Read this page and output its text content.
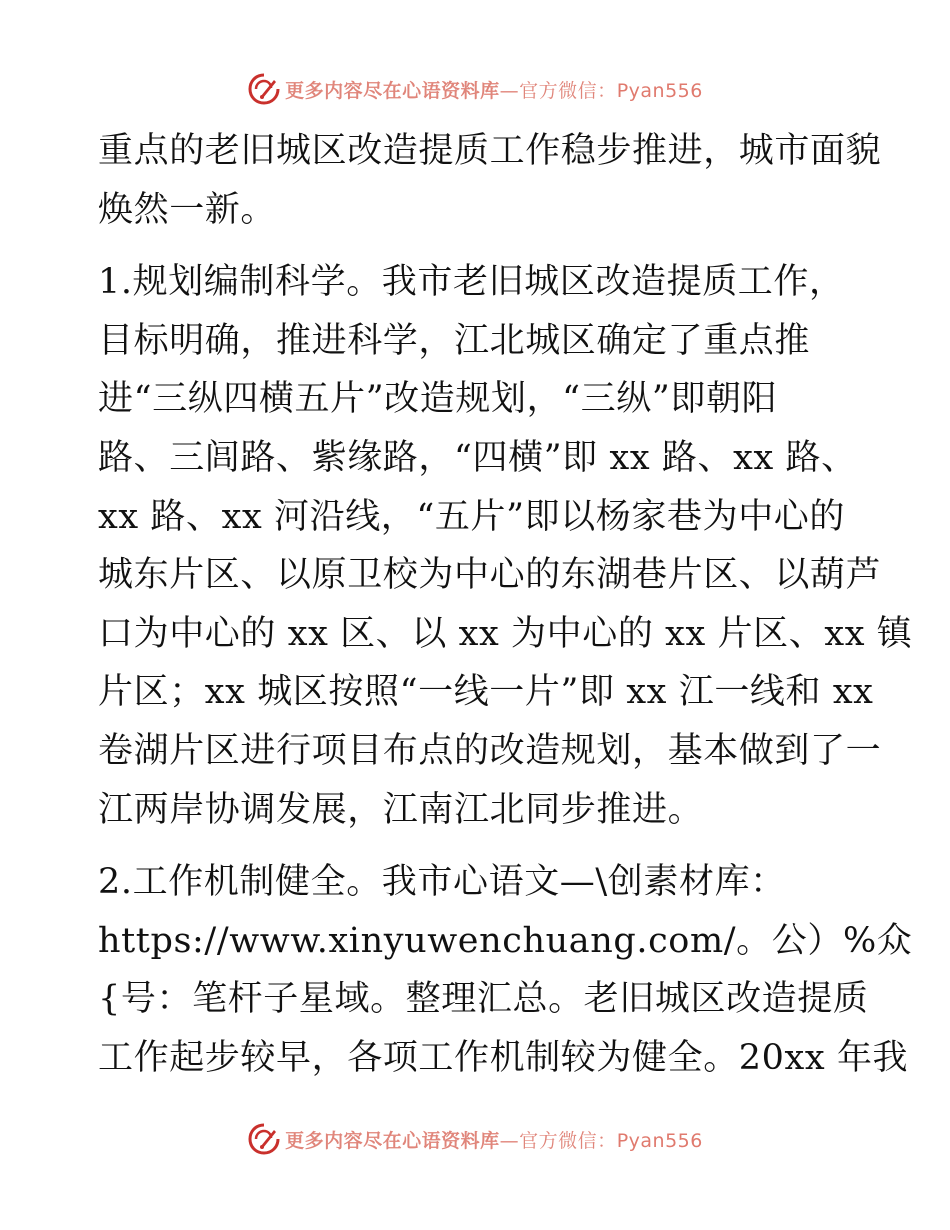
更多内容尽在心语资料库—官方微信：Pyan556
重点的老旧城区改造提质工作稳步推进，城市面貌
焕然一新。
1.规划编制科学。我市老旧城区改造提质工作，
目标明确，推进科学，江北城区确定了重点推
进“三纵四横五片”改造规划，“三纵”即朝阳
路、三闾路、紫缘路，“四横”即 xx 路、xx 路、
xx 路、xx 河沿线，“五片”即以杨家巷为中心的
城东片区、以原卫校为中心的东湖巷片区、以葫芦
口为中心的 xx 区、以 xx 为中心的 xx 片区、xx 镇
片区；xx 城区按照“一线一片”即 xx 江一线和 xx
卷湖片区进行项目布点的改造规划，基本做到了一
江两岸协调发展，江南江北同步推进。
2.工作机制健全。我市心语文—\创素材库：
https://www.xinyuwenchuang.com/。公）%众
{号：笔杆子星域。整理汇总。老旧城区改造提质
工作起步较早，各项工作机制较为健全。20xx 年我
更多内容尽在心语资料库—官方微信：Pyan556
